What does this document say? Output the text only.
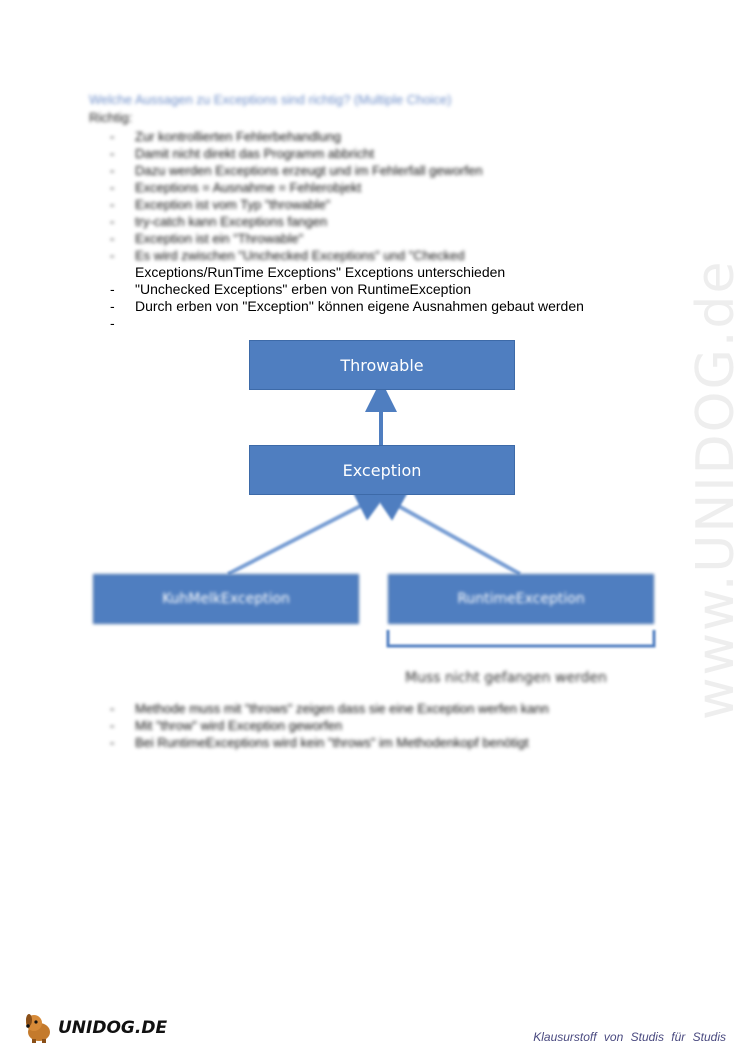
www.UNIDOG.de
Welche Aussagen zu Exceptions sind richtig? (Multiple Choice)
Richtig:
- Zur kontrollierten Fehlerbehandlung
- Damit nicht direkt das Programm abbricht
- Dazu werden Exceptions erzeugt und im Fehlerfall geworfen
- Exceptions = Ausnahme = Fehlerobjekt
- Exception ist vom Typ "throwable"
- try-catch kann Exceptions fangen
- Exception ist ein "Throwable"
- Es wird zwischen "Unchecked Exceptions" und "Checked
Exceptions/RunTime Exceptions" Exceptions unterschieden
- "Unchecked Exceptions" erben von RuntimeException
- Durch erben von "Exception" können eigene Ausnahmen gebaut werden
Throwable
Exception
KuhMelkException	RuntimeException
Muss nicht gefangen werden
- Methode muss mit "throws" zeigen dass sie eine Exception werfen kann
- Mit "throw" wird Exception geworfen
- Bei RuntimeExceptions wird kein "throws" im Methodenkopf benötigt
UNIDOG.DE	Klausurstoff von Studis für Studis
